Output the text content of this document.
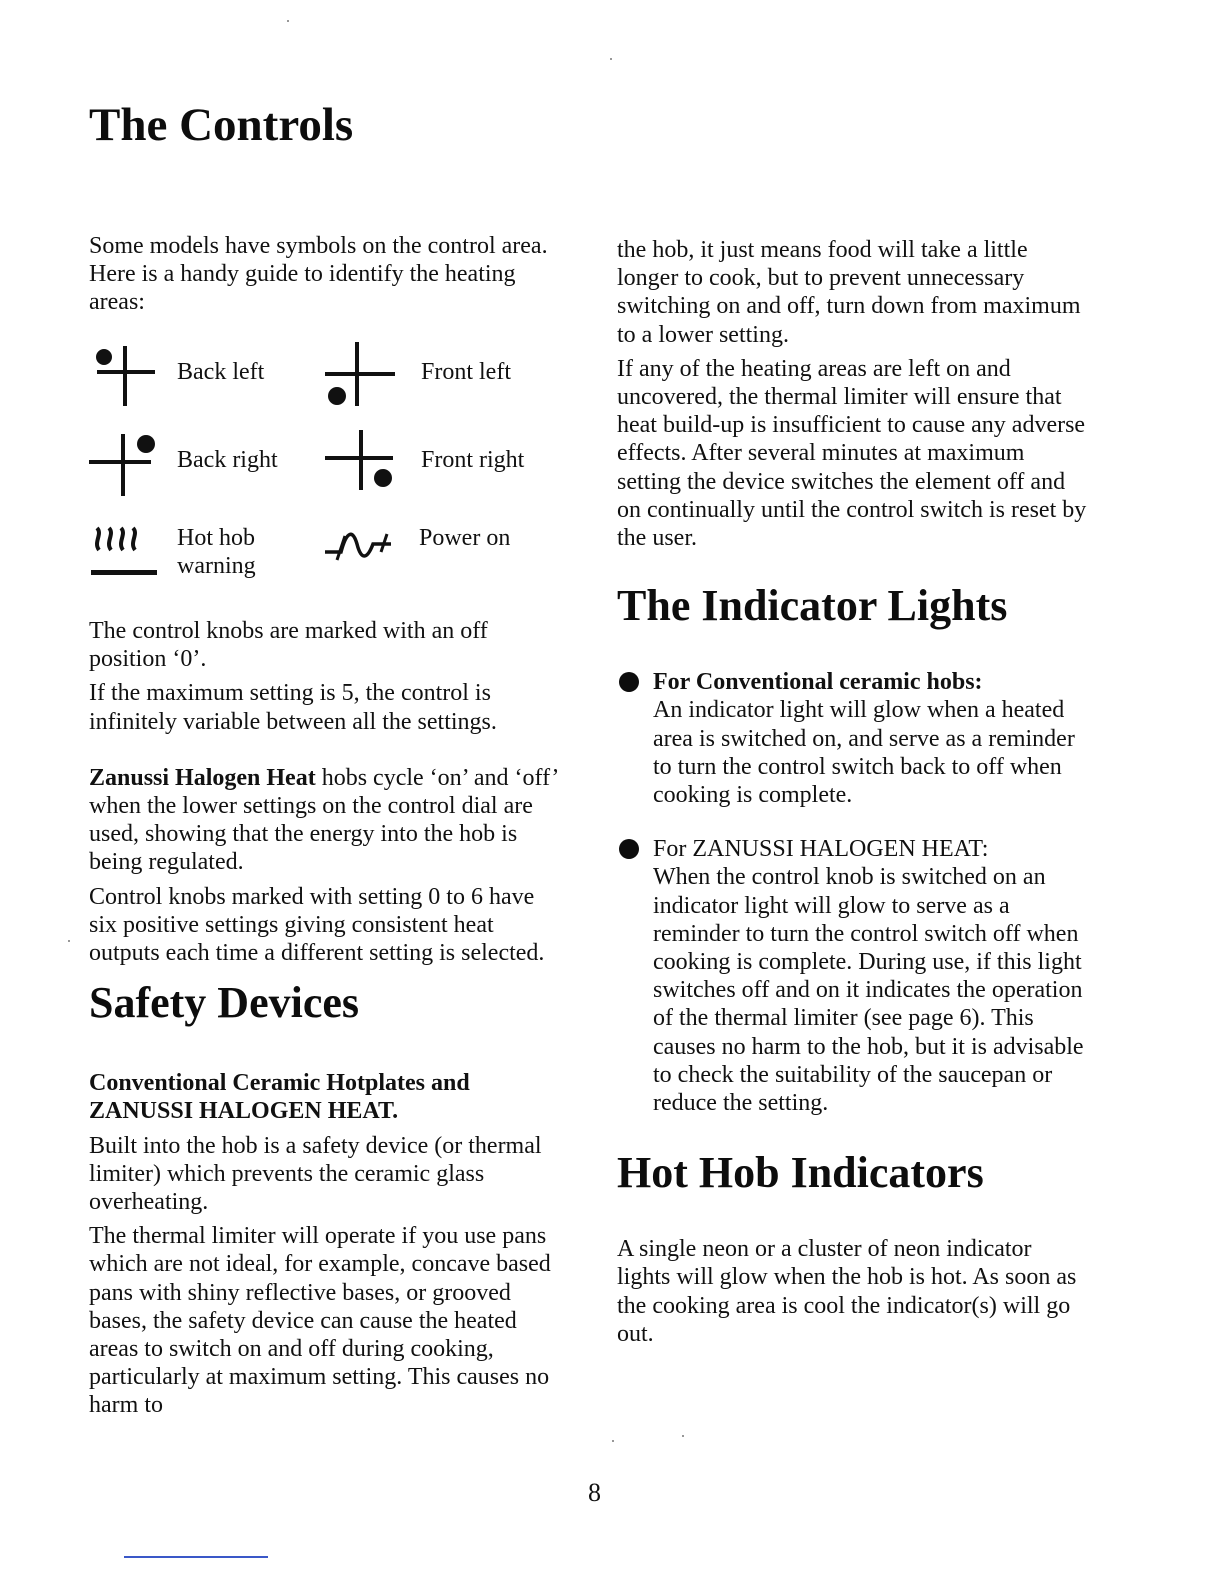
The Controls

Some models have symbols on the control area. Here is a handy guide to identify the heating areas:

Back left	Front left
Back right	Front right
Hot hob warning
Power on

The control knobs are marked with an off position ‘0’.

If the maximum setting is 5, the control is infinitely variable between all the settings.

Zanussi Halogen Heat hobs cycle ‘on’ and ‘off’ when the lower settings on the control dial are used, showing that the energy into the hob is being regulated.

Control knobs marked with setting 0 to 6 have six positive settings giving consistent heat outputs each time a different setting is selected.

Safety Devices

Conventional Ceramic Hotplates and ZANUSSI HALOGEN HEAT.

Built into the hob is a safety device (or thermal limiter) which prevents the ceramic glass overheating.

The thermal limiter will operate if you use pans which are not ideal, for example, concave based pans with shiny reflective bases, or grooved bases, the safety device can cause the heated areas to switch on and off during cooking, particularly at maximum setting. This causes no harm to

the hob, it just means food will take a little longer to cook, but to prevent unnecessary switching on and off, turn down from maximum to a lower setting.

If any of the heating areas are left on and uncovered, the thermal limiter will ensure that heat build-up is insufficient to cause any adverse effects. After several minutes at maximum setting the device switches the element off and on continually until the control switch is reset by the user.

The Indicator Lights
For Conventional ceramic hobs:
An indicator light will glow when a heated area is switched on, and serve as a reminder to turn the control switch back to off when cooking is complete.
For ZANUSSI HALOGEN HEAT:
When the control knob is switched on an indicator light will glow to serve as a reminder to turn the control switch off when cooking is complete. During use, if this light switches off and on it indicates the operation of the thermal limiter (see page 6). This causes no harm to the hob, but it is advisable to check the suitability of the saucepan or reduce the setting.
Hot Hob Indicators

A single neon or a cluster of neon indicator lights will glow when the hob is hot. As soon as the cooking area is cool the indicator(s) will go out.

8
